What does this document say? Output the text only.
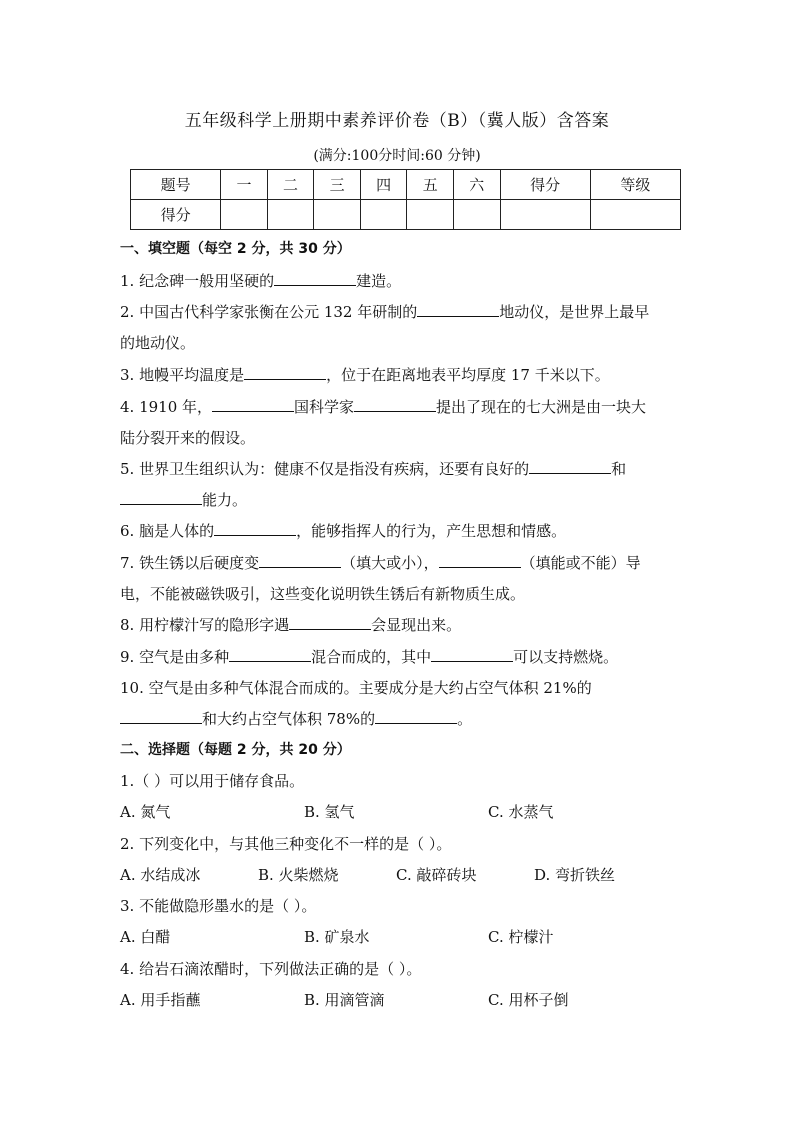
五年级科学上册期中素养评价卷（B）（冀人版）含答案
(满分:100分时间:60 分钟)
题号	一	二	三	四	五	六	得分	等级
得分								
一、填空题（每空 2 分，共 30 分）
1. 纪念碑一般用坚硬的	建造。
2. 中国古代科学家张衡在公元 132 年研制的	地动仪，是世界上最早
的地动仪。
3. 地幔平均温度是	，位于在距离地表平均厚度 17 千米以下。
4. 1910 年，	国科学家	提出了现在的七大洲是由一块大
陆分裂开来的假设。
5. 世界卫生组织认为：健康不仅是指没有疾病，还要有良好的	和
能力。
6. 脑是人体的	，能够指挥人的行为，产生思想和情感。
7. 铁生锈以后硬度变	（填大或小），	（填能或不能）导
电，不能被磁铁吸引，这些变化说明铁生锈后有新物质生成。
8. 用柠檬汁写的隐形字遇	会显现出来。
9. 空气是由多种	混合而成的，其中	可以支持燃烧。
10. 空气是由多种气体混合而成的。主要成分是大约占空气体积 21%的
和大约占空气体积 78%的	。
二、选择题（每题 2 分，共 20 分）
1.（ ）可以用于储存食品。
A. 氮气	B. 氢气	C. 水蒸气
2. 下列变化中，与其他三种变化不一样的是（ ）。
A. 水结成冰	B. 火柴燃烧	C. 敲碎砖块	D. 弯折铁丝
3. 不能做隐形墨水的是（ ）。
A. 白醋	B. 矿泉水	C. 柠檬汁
4. 给岩石滴浓醋时，下列做法正确的是（ ）。
A. 用手指蘸	B. 用滴管滴	C. 用杯子倒
